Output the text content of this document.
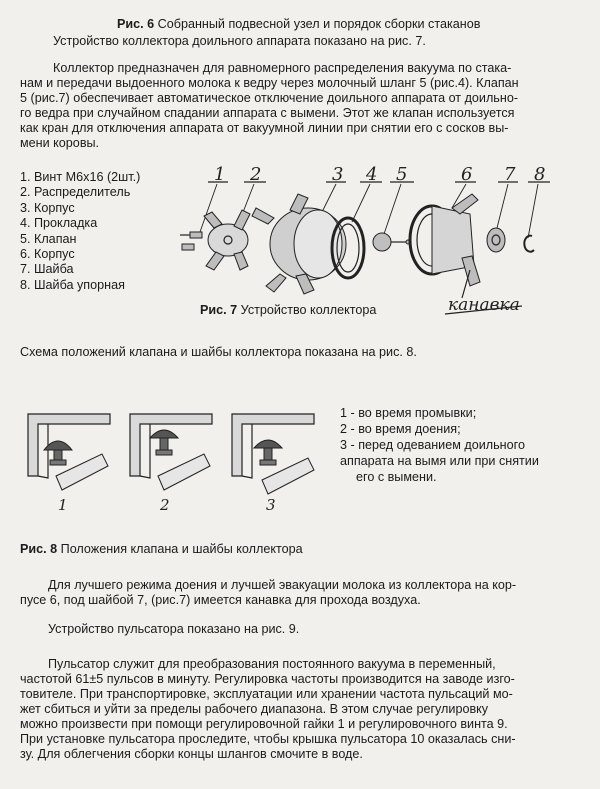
Рис. 6 Собранный подвесной узел и порядок сборки стаканов
Устройство коллектора доильного аппарата показано на рис. 7.
Коллектор предназначен для равномерного распределения вакуума по стака-
нам и передачи выдоенного молока к ведру через молочный шланг 5 (рис.4). Клапан
5 (рис.7) обеспечивает автоматическое отключение доильного аппарата от доильно-
го ведра при случайном спадании аппарата с вымени. Этот же клапан используется
как кран для отключения аппарата от вакуумной линии при снятии его с сосков вы-
мени коровы.
1. Винт М6х16 (2шт.)
2. Распределитель
3. Корпус
4. Прокладка
5. Клапан
6. Корпус
7. Шайба
8. Шайба упорная
1 2	3 4 5	6 7 8
канавка
Рис. 7 Устройство коллектора
Схема положений клапана и шайбы коллектора показана на рис. 8.
1	2	3
1 - во время промывки;
2 - во время доения;
3 - перед одеванием доильного
аппарата на вымя или при снятии
его с вымени.
Рис. 8 Положения клапана и шайбы коллектора
Для лучшего режима доения и лучшей эвакуации молока из коллектора на кор-
пусе 6, под шайбой 7, (рис.7) имеется канавка для прохода воздуха.
Устройство пульсатора показано на рис. 9.
Пульсатор служит для преобразования постоянного вакуума в переменный,
частотой 61±5 пульсов в минуту. Регулировка частоты производится на заводе изго-
товителе. При транспортировке, эксплуатации или хранении частота пульсаций мо-
жет сбиться и уйти за пределы рабочего диапазона. В этом случае регулировку
можно произвести при помощи регулировочной гайки 1 и регулировочного винта 9.
При установке пульсатора проследите, чтобы крышка пульсатора 10 оказалась сни-
зу. Для облегчения сборки концы шлангов смочите в воде.
